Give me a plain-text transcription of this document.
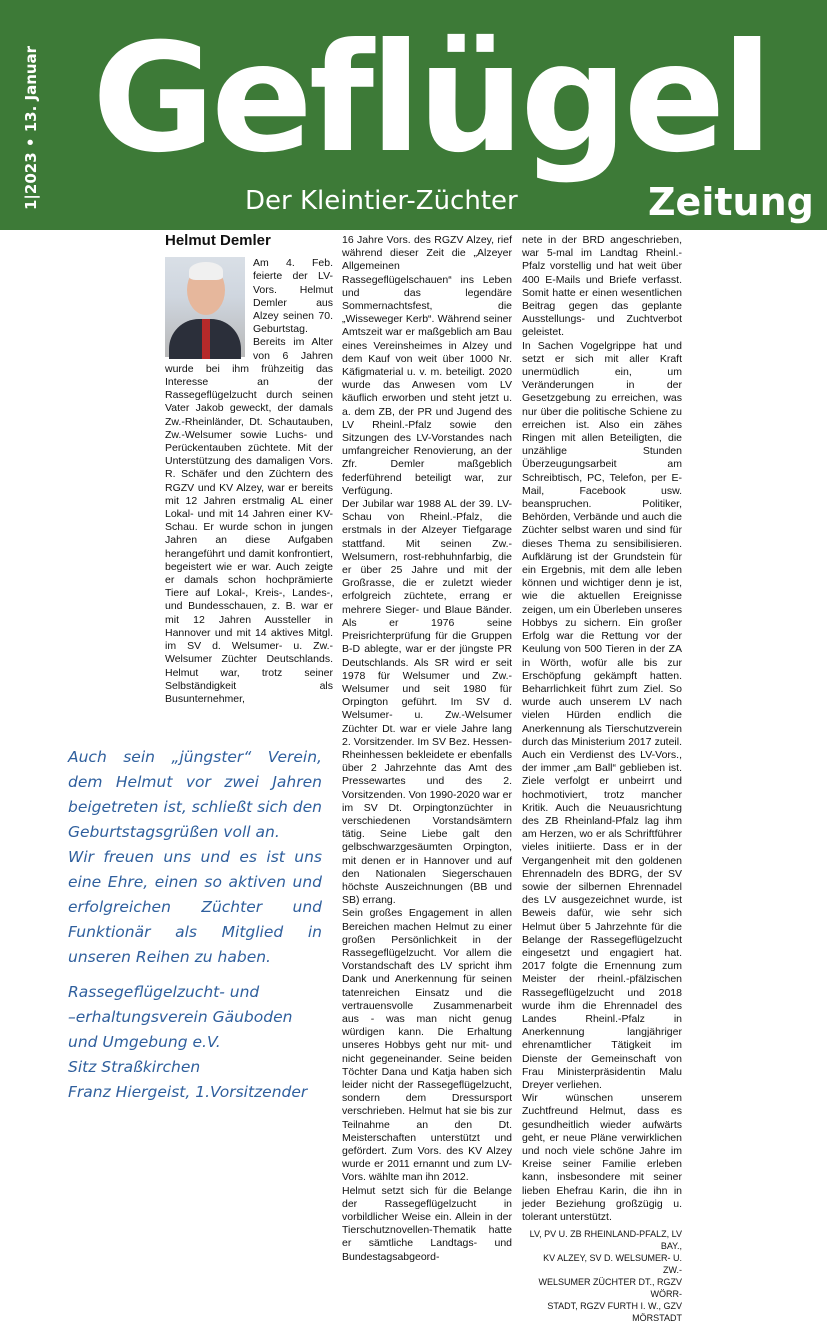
1|2023 • 13. Januar Geflügel
Der Kleintier-Züchter	Zeitung
Helmut Demler

Am 4. Feb. feierte der LV-Vors. Helmut Demler aus Alzey seinen 70. Geburtstag. Bereits im Alter von 6 Jahren wurde bei ihm frühzeitig das Interesse an der Rassegeflügelzucht durch seinen Vater Jakob geweckt, der damals Zw.-Rheinländer, Dt. Schautauben, Zw.-Welsumer sowie Luchs- und Perückentauben züchtete. Mit der Unterstützung des damaligen Vors. R. Schäfer und den Züchtern des RGZV und KV Alzey, war er bereits mit 12 Jahren erstmalig AL einer Lokal- und mit 14 Jahren einer KV-Schau. Er wurde schon in jungen Jahren an diese Aufgaben herangeführt und damit konfrontiert, begeistert wie er war. Auch zeigte er damals schon hochprämierte Tiere auf Lokal-, Kreis-, Landes-, und Bundesschauen, z. B. war er mit 12 Jahren Aussteller in Hannover und mit 14 aktives Mitgl. im SV d. Welsumer- u. Zw.-Welsumer Züchter Deutschlands. Helmut war, trotz seiner Selbständigkeit als Busunternehmer,

16 Jahre Vors. des RGZV Alzey, rief während dieser Zeit die „Alzeyer Allgemeinen Rassegeflügelschauen“ ins Leben und das legendäre Sommernachtsfest, die „Wisseweger Kerb“. Während seiner Amtszeit war er maßgeblich am Bau eines Vereinsheimes in Alzey und dem Kauf von weit über 1000 Nr. Käfigmaterial u. v. m. beteiligt. 2020 wurde das Anwesen vom LV käuflich erworben und steht jetzt u. a. dem ZB, der PR und Jugend des LV Rheinl.-Pfalz sowie den Sitzungen des LV-Vorstandes nach umfangreicher Renovierung, an der Zfr. Demler maßgeblich federführend beteiligt war, zur Verfügung.

Der Jubilar war 1988 AL der 39. LV-Schau von Rheinl.-Pfalz, die erstmals in der Alzeyer Tiefgarage stattfand. Mit seinen Zw.-Welsumern, rost-rebhuhnfarbig, die er über 25 Jahre und mit der Großrasse, die er zuletzt wieder erfolgreich züchtete, errang er mehrere Sieger- und Blaue Bänder. Als er 1976 seine Preisrichterprüfung für die Gruppen B-D ablegte, war er der jüngste PR Deutschlands. Als SR wird er seit 1978 für Welsumer und Zw.-Welsumer und seit 1980 für Orpington geführt. Im SV d. Welsumer- u. Zw.-Welsumer Züchter Dt. war er viele Jahre lang 2. Vorsitzender. Im SV Bez. Hessen-Rheinhessen bekleidete er ebenfalls über 2 Jahrzehnte das Amt des Pressewartes und des 2. Vorsitzenden. Von 1990-2020 war er im SV Dt. Orpingtonzüchter in verschiedenen Vorstandsämtern tätig. Seine Liebe galt den gelbschwarzgesäumten Orpington, mit denen er in Hannover und auf den Nationalen Siegerschauen höchste Auszeichnungen (BB und SB) errang.

Sein großes Engagement in allen Bereichen machen Helmut zu einer großen Persönlichkeit in der Rassegeflügelzucht. Vor allem die Vorstandschaft des LV spricht ihm Dank und Anerkennung für seinen tatenreichen Einsatz und die vertrauensvolle Zusammenarbeit aus - was man nicht genug würdigen kann. Die Erhaltung unseres Hobbys geht nur mit- und nicht gegeneinander. Seine beiden Töchter Dana und Katja haben sich leider nicht der Rassegeflügelzucht, sondern dem Dressursport verschrieben. Helmut hat sie bis zur Teilnahme an den Dt. Meisterschaften unterstützt und gefördert. Zum Vors. des KV Alzey wurde er 2011 ernannt und zum LV-Vors. wählte man ihn 2012.

Helmut setzt sich für die Belange der Rassegeflügelzucht in vorbildlicher Weise ein. Allein in der Tierschutznovellen-Thematik hatte er sämtliche Landtags- und Bundestagsabgeord-

nete in der BRD angeschrieben, war 5-mal im Landtag Rheinl.-Pfalz vorstellig und hat weit über 400 E-Mails und Briefe verfasst. Somit hatte er einen wesentlichen Beitrag gegen das geplante Ausstellungs- und Zuchtverbot geleistet.

In Sachen Vogelgrippe hat und setzt er sich mit aller Kraft unermüdlich ein, um Veränderungen in der Gesetzgebung zu erreichen, was nur über die politische Schiene zu erreichen ist. Also ein zähes Ringen mit allen Beteiligten, die unzählige Stunden Überzeugungsarbeit am Schreibtisch, PC, Telefon, per E-Mail, Facebook usw. beanspruchen. Politiker, Behörden, Verbände und auch die Züchter selbst waren und sind für dieses Thema zu sensibilisieren. Aufklärung ist der Grundstein für ein Ergebnis, mit dem alle leben können und wichtiger denn je ist, wie die aktuellen Ereignisse zeigen, um ein Überleben unseres Hobbys zu sichern. Ein großer Erfolg war die Rettung vor der Keulung von 500 Tieren in der ZA in Wörth, wofür alle bis zur Erschöpfung gekämpft hatten. Beharrlichkeit führt zum Ziel. So wurde auch unserem LV nach vielen Hürden endlich die Anerkennung als Tierschutzverein durch das Ministerium 2017 zuteil. Auch ein Verdienst des LV-Vors., der immer „am Ball“ geblieben ist. Ziele verfolgt er unbeirrt und hochmotiviert, trotz mancher Kritik. Auch die Neuausrichtung des ZB Rheinland-Pfalz lag ihm am Herzen, wo er als Schriftführer vieles initiierte. Dass er in der Vergangenheit mit den goldenen Ehrennadeln des BDRG, der SV sowie der silbernen Ehrennadel des LV ausgezeichnet wurde, ist Beweis dafür, wie sehr sich Helmut über 5 Jahrzehnte für die Belange der Rassegeflügelzucht eingesetzt und engagiert hat. 2017 folgte die Ernennung zum Meister der rheinl.-pfälzischen Rassegeflügelzucht und 2018 wurde ihm die Ehrennadel des Landes Rheinl.-Pfalz in Anerkennung langjähriger ehrenamtlicher Tätigkeit im Dienste der Gemeinschaft von Frau Ministerpräsidentin Malu Dreyer verliehen.

Wir wünschen unserem Zuchtfreund Helmut, dass es gesundheitlich wieder aufwärts geht, er neue Pläne verwirklichen und noch viele schöne Jahre im Kreise seiner Familie erleben kann, insbesondere mit seiner lieben Ehefrau Karin, die ihn in jeder Beziehung großzügig u. tolerant unterstützt.

LV, PV U. ZB RHEINLAND-PFALZ, LV BAY.,
KV ALZEY, SV D. WELSUMER- U. ZW.-
WELSUMER ZÜCHTER DT., RGZV WÖRR-
STADT, RGZV FURTH I. W., GZV MÖRSTADT

Auch sein „jüngster“ Verein, dem Helmut vor zwei Jahren beigetreten ist, schließt sich den Geburtstagsgrüßen voll an.

Wir freuen uns und es ist uns eine Ehre, einen so aktiven und erfolgreichen Züchter und Funktionär als Mitglied in unseren Reihen zu haben.

Rassegeflügelzucht- und
–erhaltungsverein Gäuboden
und Umgebung e.V.
Sitz Straßkirchen
Franz Hiergeist, 1.Vorsitzender
